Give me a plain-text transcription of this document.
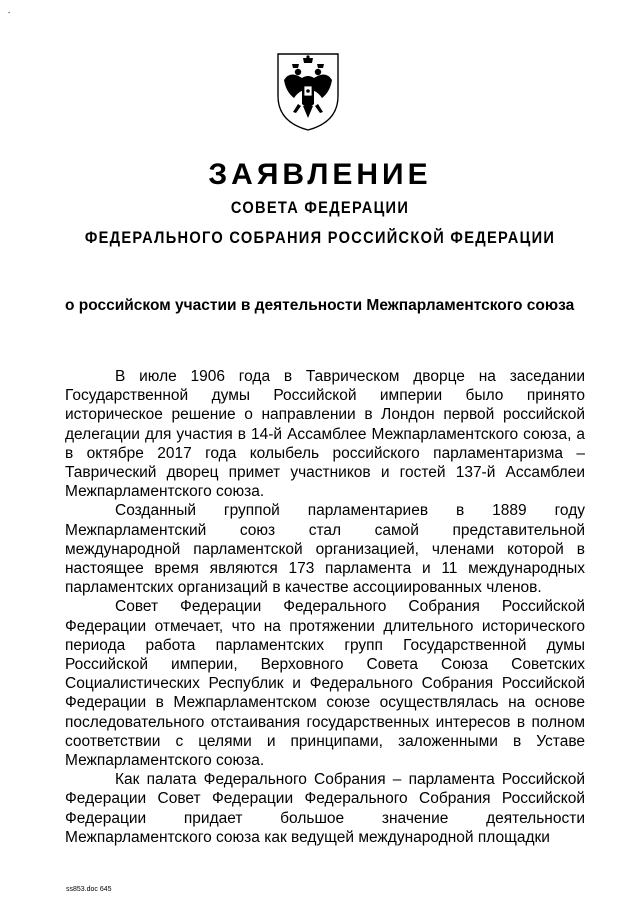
-
ЗАЯВЛЕНИЕ
СОВЕТА ФЕДЕРАЦИИ
ФЕДЕРАЛЬНОГО СОБРАНИЯ РОССИЙСКОЙ ФЕДЕРАЦИИ

о российском участии в деятельности Межпарламентского союза

В июле 1906 года в Таврическом дворце на заседании Государственной думы Российской империи было принято историческое решение о направлении в Лондон первой российской делегации для участия в 14-й Ассамблее Межпарламентского союза, а в октябре 2017 года колыбель российского парламентаризма – Таврический дворец примет участников и гостей 137-й Ассамблеи Межпарламентского союза.

Созданный группой парламентариев в 1889 году Межпарламентский союз стал самой представительной международной парламентской организацией, членами которой в настоящее время являются 173 парламента и 11 международных парламентских организаций в качестве ассоциированных членов.

Совет Федерации Федерального Собрания Российской Федерации отмечает, что на протяжении длительного исторического периода работа парламентских групп Государственной думы Российской империи, Верховного Совета Союза Советских Социалистических Республик и Федерального Собрания Российской Федерации в Межпарламентском союзе осуществлялась на основе последовательного отстаивания государственных интересов в полном соответствии с целями и принципами, заложенными в Уставе Межпарламентского союза.

Как палата Федерального Собрания – парламента Российской Федерации Совет Федерации Федерального Собрания Российской Федерации придает большое значение деятельности Межпарламентского союза как ведущей международной площадки

ss853.doc 645
